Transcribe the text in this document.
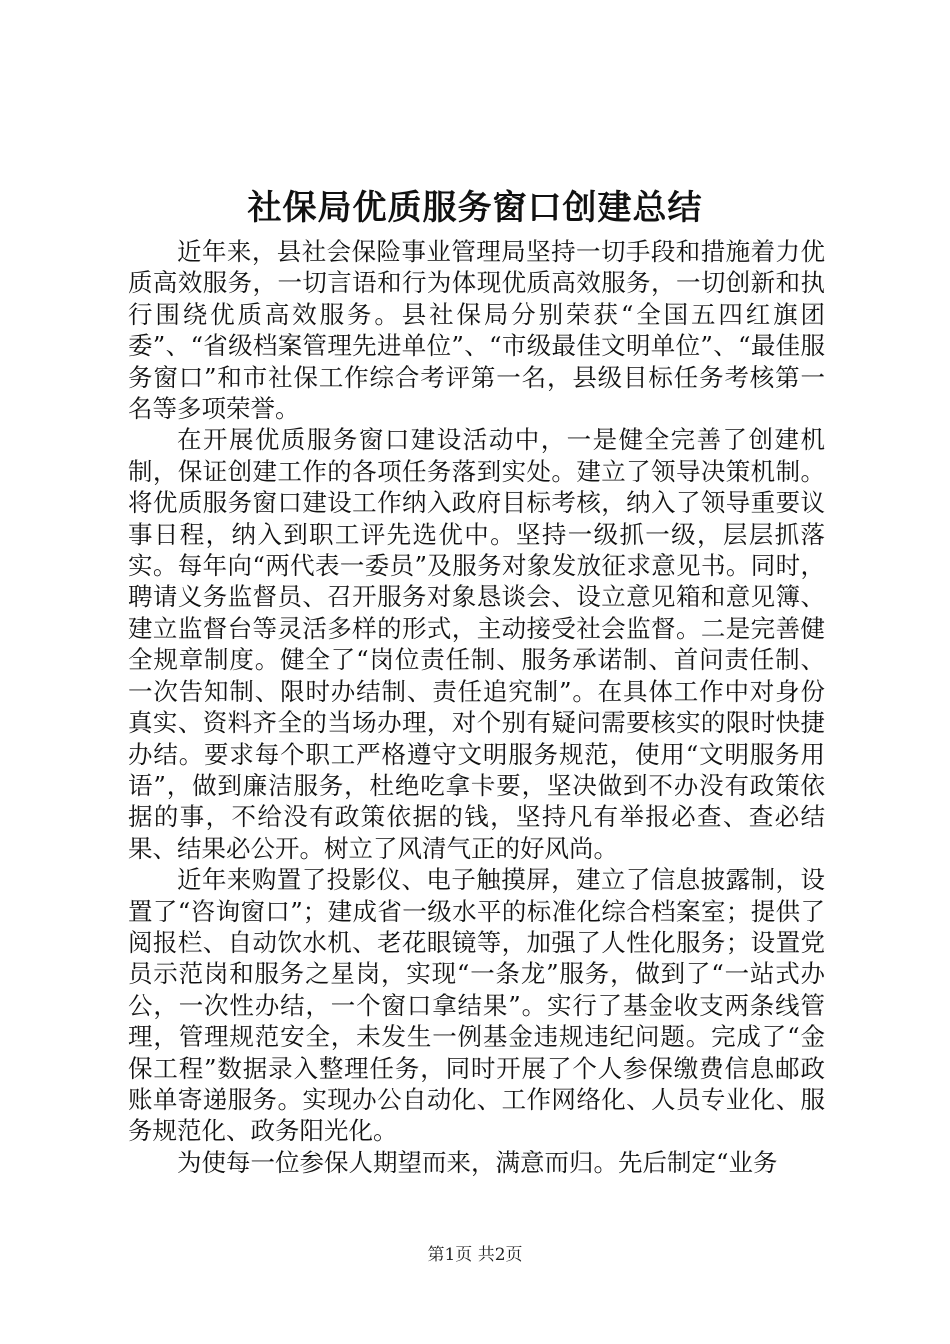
社保局优质服务窗口创建总结

近年来，县社会保险事业管理局坚持一切手段和措施着力优质高效服务，一切言语和行为体现优质高效服务，一切创新和执行围绕优质高效服务。县社保局分别荣获“全国五四红旗团委”、“省级档案管理先进单位”、“市级最佳文明单位”、“最佳服务窗口”和市社保工作综合考评第一名，县级目标任务考核第一名等多项荣誉。

在开展优质服务窗口建设活动中，一是健全完善了创建机制，保证创建工作的各项任务落到实处。建立了领导决策机制。将优质服务窗口建设工作纳入政府目标考核，纳入了领导重要议事日程，纳入到职工评先选优中。坚持一级抓一级，层层抓落实。每年向“两代表一委员”及服务对象发放征求意见书。同时，聘请义务监督员、召开服务对象恳谈会、设立意见箱和意见簿、建立监督台等灵活多样的形式，主动接受社会监督。二是完善健全规章制度。健全了“岗位责任制、服务承诺制、首问责任制、一次告知制、限时办结制、责任追究制”。在具体工作中对身份真实、资料齐全的当场办理，对个别有疑问需要核实的限时快捷办结。要求每个职工严格遵守文明服务规范，使用“文明服务用语”，做到廉洁服务，杜绝吃拿卡要，坚决做到不办没有政策依据的事，不给没有政策依据的钱，坚持凡有举报必查、查必结果、结果必公开。树立了风清气正的好风尚。

近年来购置了投影仪、电子触摸屏，建立了信息披露制，设置了“咨询窗口”；建成省一级水平的标准化综合档案室；提供了阅报栏、自动饮水机、老花眼镜等，加强了人性化服务；设置党员示范岗和服务之星岗，实现“一条龙”服务，做到了“一站式办公，一次性办结，一个窗口拿结果”。实行了基金收支两条线管理，管理规范安全，未发生一例基金违规违纪问题。完成了“金保工程”数据录入整理任务，同时开展了个人参保缴费信息邮政账单寄递服务。实现办公自动化、工作网络化、人员专业化、服务规范化、政务阳光化。

为使每一位参保人期望而来，满意而归。先后制定“业务

第1页 共2页
